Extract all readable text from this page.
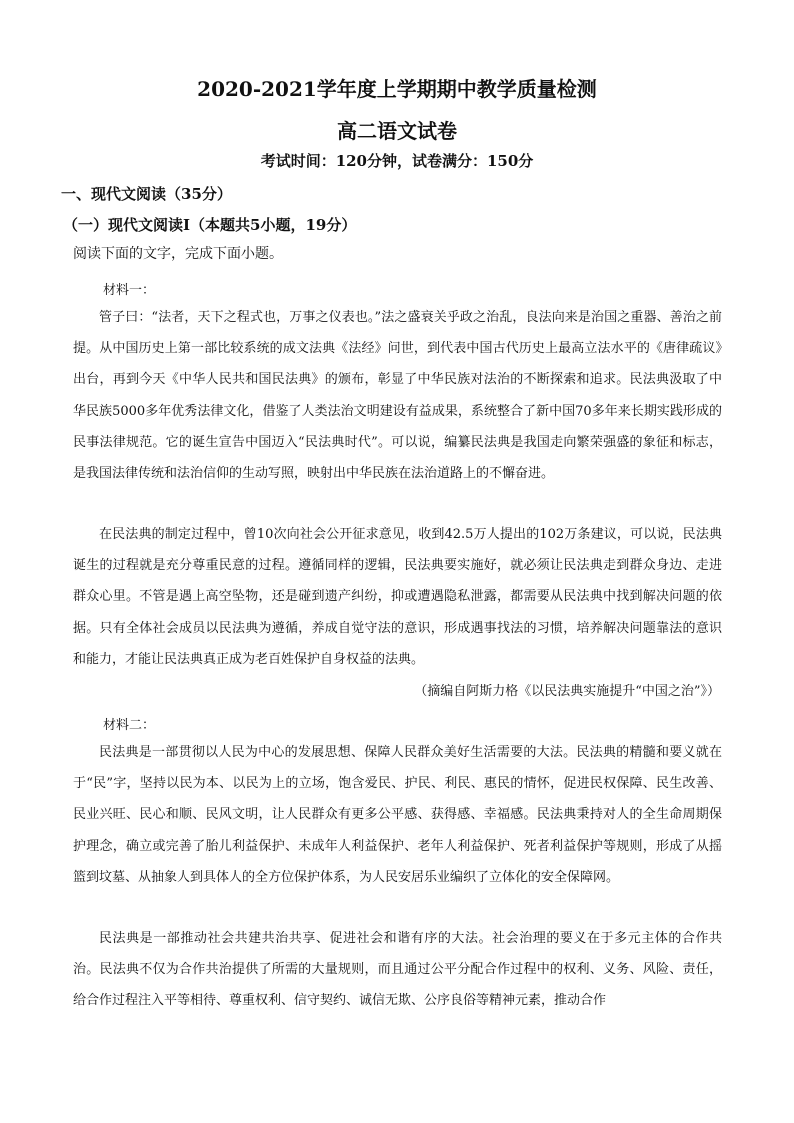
2020-2021学年度上学期期中教学质量检测
高二语文试卷
考试时间：120分钟，试卷满分：150分
一、现代文阅读（35分）
（一）现代文阅读Ⅰ（本题共5小题，19分）
阅读下面的文字，完成下面小题。
材料一：

管子曰：“法者，天下之程式也，万事之仪表也。”法之盛衰关乎政之治乱，良法向来是治国之重器、善治之前提。从中国历史上第一部比较系统的成文法典《法经》问世，到代表中国古代历史上最高立法水平的《唐律疏议》出台，再到今天《中华人民共和国民法典》的颁布，彰显了中华民族对法治的不断探索和追求。民法典汲取了中华民族5000多年优秀法律文化，借鉴了人类法治文明建设有益成果，系统整合了新中国70多年来长期实践形成的民事法律规范。它的诞生宣告中国迈入“民法典时代”。可以说，编纂民法典是我国走向繁荣强盛的象征和标志，是我国法律传统和法治信仰的生动写照，映射出中华民族在法治道路上的不懈奋进。

在民法典的制定过程中，曾10次向社会公开征求意见，收到42.5万人提出的102万条建议，可以说，民法典诞生的过程就是充分尊重民意的过程。遵循同样的逻辑，民法典要实施好，就必须让民法典走到群众身边、走进群众心里。不管是遇上高空坠物，还是碰到遗产纠纷，抑或遭遇隐私泄露，都需要从民法典中找到解决问题的依据。只有全体社会成员以民法典为遵循，养成自觉守法的意识，形成遇事找法的习惯，培养解决问题靠法的意识和能力，才能让民法典真正成为老百姓保护自身权益的法典。

（摘编自阿斯力格《以民法典实施提升“中国之治”》）
材料二：

民法典是一部贯彻以人民为中心的发展思想、保障人民群众美好生活需要的大法。民法典的精髓和要义就在于“民”字，坚持以民为本、以民为上的立场，饱含爱民、护民、利民、惠民的情怀，促进民权保障、民生改善、民业兴旺、民心和顺、民风文明，让人民群众有更多公平感、获得感、幸福感。民法典秉持对人的全生命周期保护理念，确立或完善了胎儿利益保护、未成年人利益保护、老年人利益保护、死者利益保护等规则，形成了从摇篮到坟墓、从抽象人到具体人的全方位保护体系，为人民安居乐业编织了立体化的安全保障网。

民法典是一部推动社会共建共治共享、促进社会和谐有序的大法。社会治理的要义在于多元主体的合作共治。民法典不仅为合作共治提供了所需的大量规则，而且通过公平分配合作过程中的权利、义务、风险、责任，给合作过程注入平等相待、尊重权利、信守契约、诚信无欺、公序良俗等精神元素，推动合作
